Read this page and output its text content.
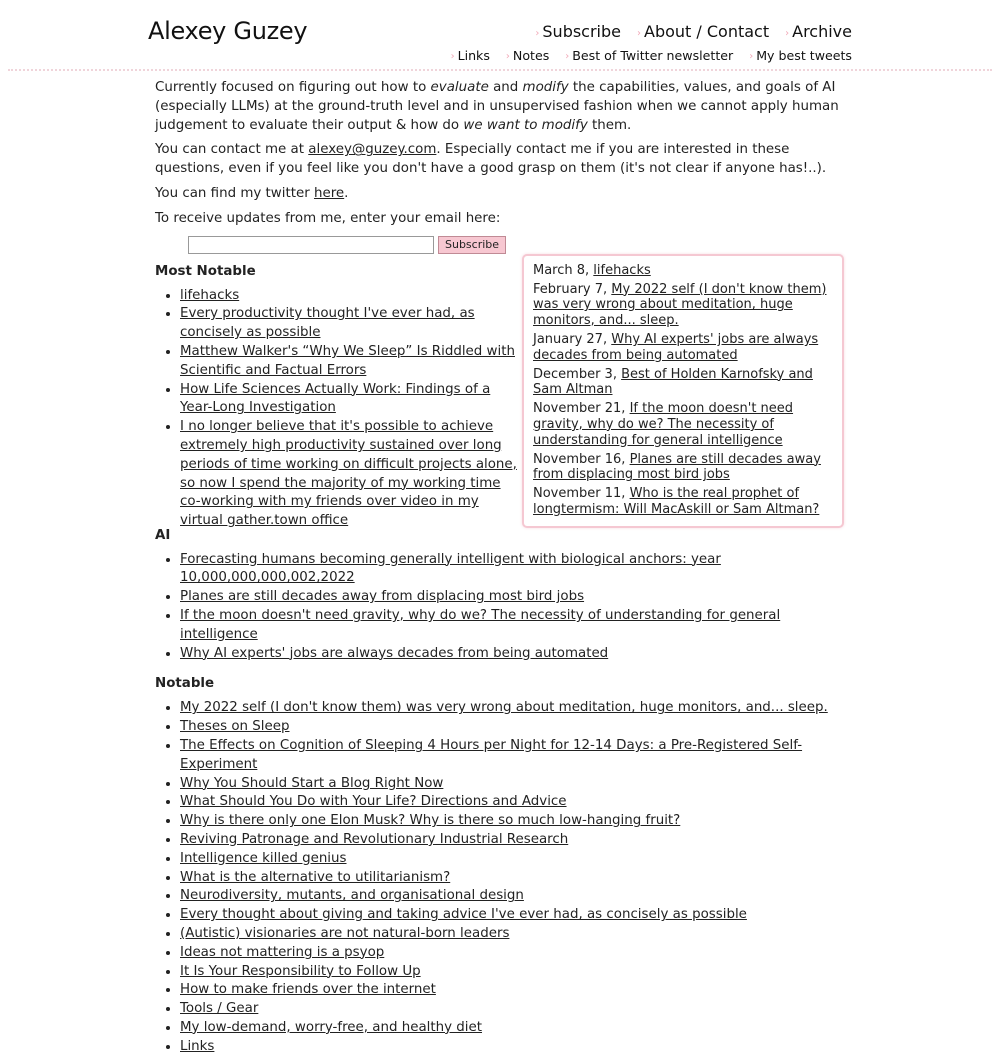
Alexey Guzey	› Subscribe › About / Contact › Archive
› Links › Notes › Best of Twitter newsletter › My best tweets

Currently focused on figuring out how to evaluate and modify the capabilities, values, and goals of AI (especially LLMs) at the ground-truth level and in unsupervised fashion when we cannot apply human judgement to evaluate their output & how do we want to modify them.

You can contact me at alexey@guzey.com. Especially contact me if you are interested in these questions, even if you feel like you don't have a good grasp on them (it's not clear if anyone has!..).

You can find my twitter here.

To receive updates from me, enter your email here:

Subscribe
Most Notable
• lifehacks
• Every productivity thought I've ever had, as concisely as possible
• Matthew Walker's “Why We Sleep” Is Riddled with Scientific and Factual Errors
• How Life Sciences Actually Work: Findings of a Year-Long Investigation
• I no longer believe that it's possible to achieve extremely high productivity sustained over long periods of time working on difficult projects alone, so now I spend the majority of my working time co-working with my friends over video in my virtual gather.town office
March 8, lifehacks
February 7, My 2022 self (I don't know them) was very wrong about meditation, huge monitors, and... sleep.
January 27, Why AI experts' jobs are always decades from being automated
December 3, Best of Holden Karnofsky and Sam Altman
November 21, If the moon doesn't need gravity, why do we? The necessity of understanding for general intelligence
November 16, Planes are still decades away from displacing most bird jobs
November 11, Who is the real prophet of longtermism: Will MacAskill or Sam Altman?
AI
• Forecasting humans becoming generally intelligent with biological anchors: year 10,000,000,000,002,2022
• Planes are still decades away from displacing most bird jobs
• If the moon doesn't need gravity, why do we? The necessity of understanding for general intelligence
• Why AI experts' jobs are always decades from being automated
Notable
• My 2022 self (I don't know them) was very wrong about meditation, huge monitors, and... sleep.
• Theses on Sleep
• The Effects on Cognition of Sleeping 4 Hours per Night for 12-14 Days: a Pre-Registered Self-Experiment
• Why You Should Start a Blog Right Now
• What Should You Do with Your Life? Directions and Advice
• Why is there only one Elon Musk? Why is there so much low-hanging fruit?
• Reviving Patronage and Revolutionary Industrial Research
• Intelligence killed genius
• What is the alternative to utilitarianism?
• Neurodiversity, mutants, and organisational design
• Every thought about giving and taking advice I've ever had, as concisely as possible
• (Autistic) visionaries are not natural-born leaders
• Ideas not mattering is a psyop
• It Is Your Responsibility to Follow Up
• How to make friends over the internet
• Tools / Gear
• My low-demand, worry-free, and healthy diet
• Links
